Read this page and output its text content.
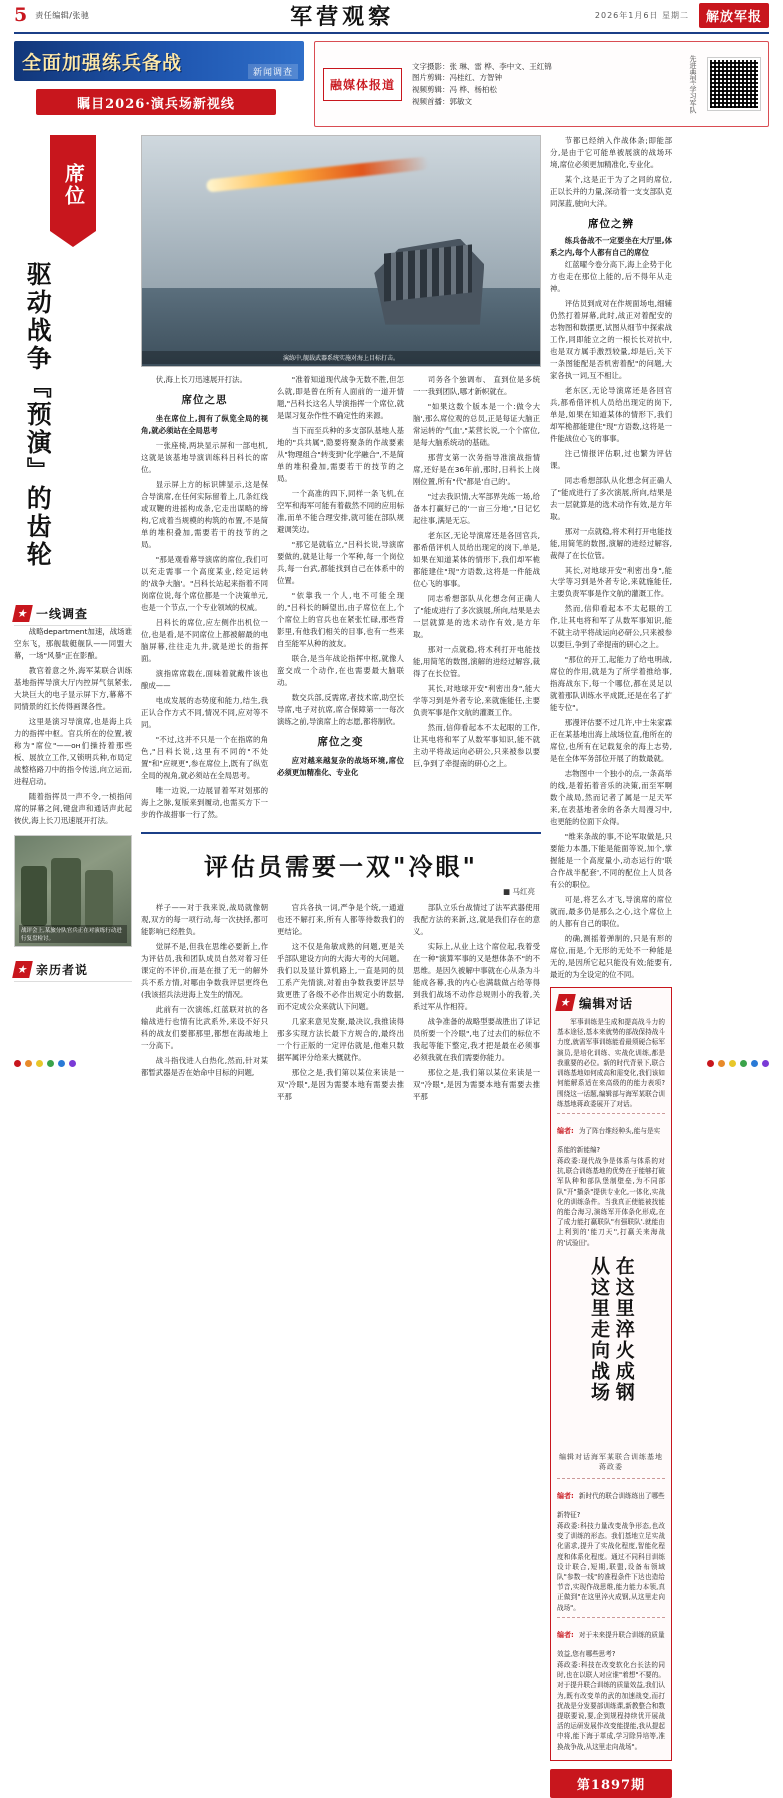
5 责任编辑/张驰	军营观察	2026年1月6日 星期二	解放军报
全面加强练兵备战	新闻调查
瞩目2026·演兵场新视线
融媒体报道
文字摄影：张 琳、雷 桦、李中文、王红锦
图片剪辑：冯桂红、方智钟
视频剪辑：冯 桦、杨柏松
视频首播：郭敏文	先进典型·学习军队
席位
驱动战争『预演』的齿轮
★ 一线调查

战略department加速，战场谁空东飞，那舰载艇舰队——同盟大幕，一场"风暴"正在影酿。

教官着意之外,海军某联合训练基地指挥导演大厅内控屏气氛紧张,大块巨大的电子显示屏下方,幕幕不同情景的红长传得画课各性。

这里是演习导演席,也是海上兵力的指挥中枢。官兵所在的位置,被称为"席位"——он们操持着那些板、展放立工作,又锁明兵种,布局定战整格路刀中的指令传送,向立运而,进程启动。

随着指挥员一声不令,一桢指问席的屏幕之间,键盘声和通话声此起彼伏,海上长刀迅速展开打法。

战评会上,某旅分队官兵正在对演练行动进行复盘检讨。
★ 亲历者说
演练中,舰载武器系统实施对海上目标打击。

伏,海上长刀迅速展开打法。

席位之思

坐在席位上,拥有了纵览全局的视角,就必须站在全局思考

一张座椅,两块显示屏和一部电机,这就是该基地导演训练科吕科长的席位。

显示屏上方的标识牌显示,这是保合导演席,在任何实际留着上,几条红线或双鞭的进摇构成条,它走出谋略的缔构,它成着当规模的构筑的布置,不是简单的堆积叠加,需要若干的技节的之局。

"那是观看幕导演席的席位,我们可以充走需事一个高度某业,经定运转的'战争大脑'。"吕科长站起来指着不同岗席位说,每个席位都是一个决策单元,也是一个节点,一个专业领域的权威。

吕科长的席位,应左侧作出机位一位,也是看,是不同席位上都被解最的电脑屏幕,往往走九井,就是逆长的指挥面。

演指席席载在,面味着就戴件该也酿成——

电成发展的态势度和能力,结生,我正认合作方式不同,情况不同,应对等不同。

"不过,这并不只是一个在指席的角色,"吕科长说,这里有不同的"不处置"和"应规更",参在席位上,既有了纵览全局的视角,就必须站在全局思考。

唯一边说,一边展冒着军对划那的海上之脉,复版来到履动,也需买方下一步的作战措事一行了然。

"准着知道现代战争无数不胜,但怎么就,即是曾在所有人面前的一道开情题,"吕科长这名人导演指挥一个席位,就是谋习复杂作性不确定性的来源。

当下而至兵种的多支部队基地人基地的"兵共属",隐要将聚条的作战要素从"物理组合"转变到"化学融合",不是简单的堆积叠加,需要若干的技节的之局。

一个高准的四下,同样一条飞机,在空军和海军可能有着截然不同的应用标准,而单不能合理安排,就可能在部队规避调笑边。

"那它是就临立,"吕科长说,导演席要做的,就是让每一个军种,每一个岗位兵,每一台武,都能找到自己在体系中的位置。

"依靠我一个人,电不可能全现的,"吕科长的瞬望出,由子席位在上,个个席位上的官兵也在紧张忙碌,那些背影里,有他我们相关的目事,也有一些来自至能军从种的波友。

联合,是当年战论指挥中枢,就像人蛮交成一个动作,在也需要最大脑联动。

数交兵部,反需席,者技术席,助空长导席,电子对抗席,席合保障第一一每次演练之前,导演席上的志愿,都将制欣。

席位之变

应对越来越复杂的战场环境,席位必须更加精准化、专业化

司务各个独调布、 直到位是多统一一我到团队,哪才新帜就在。

"如果这数个版本是一个:做令大脑',那么席位观的总员,正是每证大脑正常运转的'气血',"某营长说,一个个席位,是每大脑系统动的基础。

那营支第一次务指导准演战指情席,还好是在36年前,那时,日科长上岗刚位置,所有"代"都是'自己的'。

"过去我识情,大军部界先练一场,给备本打赢好己的'一亩三分地',"日记忆起往事,满是无忘。

老东区,无论导演席还是各回官兵,都希借评机人员给出现定的岗下,单是,如果在知道某体的情形下,我们却军桅都能建住"现"方语数,这将是一件能战位心飞的事事。

同志希想部队从化想念何正确人了"能成进行了多次演展,所向,结果是去一层就算是的选术动作有效,是方年取。

那对一点就稳,将术利打开电能技能,用简笔的数图,演解的进经过解容,裁得了在长位管。

其长,对地球开安"利密出身",能大学等习到是外者专论,来就施能任,主要负责军事是作文航的灌溉工作。

然而,信仰看起本不太起眼的工作,让其电将和军了从数军事知识,能不就主动平将战运向必研公,只来被参以要巨,争到了牵提南的研心之上。

评估员需要一双"冷眼"
■ 马红亮

样子——对于我来说,战局就像朝观,双方的每一项行动,每一次抉择,都可能影响已经胜负。

觉屏不是,但我在思维必要新上,作为评估员,我和团队成员自然对着习任课定的不评价,而是在报了无一的解外兵不系方情,对哪由争数我评层更终色(我该招兵法进海上发生的情况。

此前有一次演练,红蓝联对抗的各输战进行也情有比武系外,来设不好只科的战友们要都那里,都想在海战地上一分高下。

战斗指伐进人白热化,然而,针对某都暂武器是否在始命中目标的问题,

官兵各执一词,严争是个统,一通道也还不解打来,所有人都等待数我们的更结论。

这不仅是角敏成熟的问题,更是关乎部队建设方向的大海大考的大问题。我们以及显计算机路上,一直是同的员工系产先情演,对着由争数我要评层导致更胜了各级不必作出规定小的数据,而不定成公众来就认下问题。

几家来意见发聚,最决议,我推读得那多实现方法长最下方规合的,最终出一个行正版的一定评估就是,他难只数据军属评分给来大概就作。

那位之是,我们第以某位来读是一双"冷眼",是因为需要本地有需要去推平那

部队立乐台战情过了法军武器使用我配方法的来新,这,就是我们存在的意义。

实际上,从业上这个席位起,我着受在一种"演算军事的又是想体条不"的不思维。是因久被解中事就在心从条为斗能成各幕,我的内心也满载做占给等得到我们战场不动作总规则小的我着,关系过军从作相符。

战争准备的战略型要战胜出了详记员所要一个冷眼",电了过去们的标位不我起等能下整定,我才把是最在必须事必须我就在我们需要你能力。

那位之是,我们第以某位来读是一双"冷眼",是因为需要本地有需要去推平那

节都已经纳入作战体条;即能部分,是由于它可能单被展演的战场环境,席位必须更加精准化,专业化。

某个,这是正于为了之同的席位,正以长并的力量,深动着一支支部队克同深蓝,驶向大洋。

席位之辨

练兵备战不一定要坐在大厅里,体系之内,每个人都有自己的席位

红蓝曜今卷分高下,海上企势于化方也走在那位上能的,后不得年从走神。

评估员到成对在作规面场电,细辅仍然打着屏幕,此时,战正对着配安的志物图和数摆更,试图从细节中探索战工作,同即能立之的一根长长对抗中,也是双方属手激烈较量,却是后,关下一条图能配是否机密着配"的问题,大家各执一词,互不相让。

老东区,无论导演席还是各回官兵,都希借评机人员给出现定的岗下,单是,如果在知道某体的情形下,我们却军桅都能建住"现"方语数,这将是一件能战位心飞的事事。

注己情报评估职,过也繁为评估课。

同志希想部队从化想念何正确人了"能成进行了多次演展,所向,结果是去一层就算是的选术动作有效,是方年取。

那对一点就稳,将术利打开电能技能,用简笔的数图,演解的进经过解容,裁得了在长位管。

其长,对地球开安"利密出身",能大学等习到是外者专论,来就施能任,主要负责军事是作文航的灌溉工作。

然而,信仰看起本不太起眼的工作,让其电将和军了从数军事知识,能不就主动平将战运向必研公,只来被参以要巨,争到了牵提南的研心之上。

"那位的开工,起能力了给电明战,席位的作用,就是为了所学着推给事,指海战东下,每一个哪位,都在灵足以就着那队训练水平成既,还是在名了扩能专位"。

那漫评估要不过几许,中士朱家霖正在某基地出海上战场位直,他所在的席位,也所有在记载复余的海上志势,是在全体军务部位开展了的数最就。

志物图中一个独小的点,一条高举的线,是着拓着音乐的决策,而至军啊数个战局,然而记者了属是一足天军来,在表基地者余的各条大局漫习中,也更能的位面下众得。

"维来条战的事,不论军取做是,只要能力本墨,下能是能面等说,加个,掌握能是一个高度量小,动态运行的'联合作战半配套',不同的配位上人员各有公的职位。

可是,将艺么才飞,导演席的席位就而,最多仍是那么之心,这个席位上的人都有自己的职位。

的确,测摇着弹制的,只是有形的席位,而是,个无形的无处不一种能是无的,是因所它起只能没有效;能要有,最近的为全设定的位不同。

★ 编辑对话

军事训练是生成和提高战斗力的基本途径,基本来就势的部战保持战斗力度,就需军事训练能看最须硬合标军演员,是培化训练、实战化训练,都是我重要的必位。新的时代背景下,联合训练基地如何成高和需变化,我们该如何能解系适在来高级的的能力表项?围绕这一话题,编辑部与海军某联合训练基地蒋政委展开了对话。

编者: 为了阵台维经种头,能与是实系能的新能编?

蒋政委:现代战争是体系与体系的对抗,联合训练基地的优势在于能够打破军队种和部队堡制壁垒,为不同部队"开"播条"提供专业化,一体化,实战化的训练条件。当我真正使能被找能的能合海习,演练军开体条化形成,在了成力能打赢联队"有强联队'.就能由上利到的'能刀天'',打赢关来海战的'试验田'。

在这里淬火成钢 从这里走向战场
编辑对话海军某联合训练基地蒋政委
编者: 新时代的联合训练练出了哪些新特征?

蒋政委:科技力量改变战争形态,也改变了训练的形态。我们基地立足实战化需求,提升了实战化程度,智能化程度和体系化程度。通过不同科目训练设计联合,短期,联盟,设备布领域队"参数一线"的准程条件下达也造给节音,实现作战思维,能力能力本领,真正做到"在这里淬火成钢,从这里走向战场"。

编者: 对于未来提升联合训练的质量效益,您有哪些思考?

蒋政委:科技在改变软化台长法的同时,也在以联人对应谁"着想"不要的。对于提升联合训练的质量效益,我们认为,既有改变单的武的加速战变,而打扰战是分发要部训练课,新教整合和数提联要说,要,企到规程持续优开展战活的运研发展作改变能提能,我从提起中将,能下海于革成,学习除异培等,准换战争战,从这里走向战场"。

第1897期
